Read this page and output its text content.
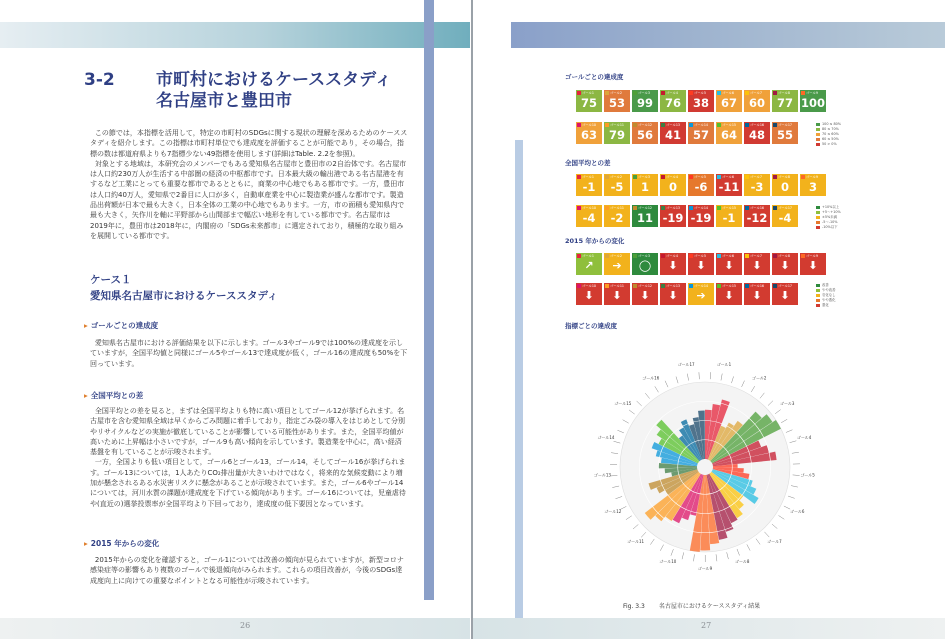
3-2 市町村におけるケーススタディ
名古屋市と豊田市

この節では，本指標を活用して，特定の市町村のSDGsに関する現状の理解を深めるためのケーススタディを紹介します。この指標は市町村単位でも達成度を評価することが可能であり，その場合，指標の数は都道府県よりも7指標少ない49指標を使用します(詳細はTable. 2.2を参照)。

対象とする地域は，本研究会のメンバーでもある愛知県名古屋市と豊田市の2自治体です。名古屋市は人口約230万人が生活する中部圏の経済の中枢都市です。日本最大級の輸出港である名古屋港を有するなど工業にとっても重要な都市であるとともに，商業の中心地でもある都市です。一方，豊田市は人口約40万人，愛知県で2番目に人口が多く，自動車産業を中心に製造業が盛んな都市です。製造品出荷額が日本で最も大きく，日本全体の工業の中心地でもあります。一方，市の面積も愛知県内で最も大きく，矢作川を軸に平野部から山間部まで幅広い地形を有している都市です。名古屋市は2019年に，豊田市は2018年に，内閣府の「SDGs未来都市」に選定されており，積極的な取り組みを展開している都市です。

ケース１
愛知県名古屋市におけるケーススタディ
▸ ゴールごとの達成度

愛知県名古屋市における評価結果を以下に示します。ゴール3やゴール9では100%の達成度を示していますが，全国平均値と同様にゴール5やゴール13で達成度が低く，ゴール16の達成度も50%を下回っています。

▸ 全国平均との差

全国平均との差を見ると，まずは全国平均よりも特に高い項目としてゴール12が挙げられます。名古屋市を含む愛知県全域は早くからごみ問題に着手しており，指定ごみ袋の導入をはじめとして分別やリサイクルなどの実施が徹底していることが影響している可能性があります。また，全国平均値が高いために上昇幅は小さいですが，ゴール9も高い傾向を示しています。製造業を中心に，高い経済基盤を有していることが示唆されます。

一方，全国よりも低い項目として，ゴール6とゴール13，ゴール14，そしてゴール16が挙げられます。ゴール13については，1人あたりCO₂排出量が大きいわけではなく，将来的な気候変動により増加が懸念されるある水災害リスクに懸念があることが示唆されています。また，ゴール6やゴール14については，河川水質の課題が達成度を下げている傾向があります。ゴール16については，児童虐待や(直近の)選挙投票率が全国平均より下回っており，達成度の低下要因となっています。

▸ 2015 年からの変化

2015年からの変化を確認すると，ゴール1については改善の傾向が見られていますが，新型コロナ感染症等の影響もあり複数のゴールで後退傾向がみられます。これらの項目改善が，今後のSDGs達成度向上に向けての重要なポイントとなる可能性が示唆されています。

26
ゴールごとの達成度
ゴール1
75
ゴール2
53
ゴール3
99
ゴール4
76
ゴール5
38
ゴール6
67
ゴール7
60
ゴール8
77
ゴール9
100
ゴール10
63
ゴール11
79
ゴール12
56
ゴール13
41
ゴール14
57
ゴール15
64
ゴール16
48
ゴール17
55
100 ≤ 80%
80 ≤ 70%
70 ≤ 60%
60 ≤ 50%
50 > 0%
全国平均との差
ゴール1
-1
ゴール2
-5
ゴール3
1
ゴール4
0
ゴール5
-6
ゴール6
-11
ゴール7
-3
ゴール8
0
ゴール9
3
ゴール10
-4
ゴール11
-2
ゴール12
11
ゴール13
-19
ゴール14
-19
ゴール15
-1
ゴール16
-12
ゴール17
-4
+10%以上
+5〜+10%
±5%未満
-5〜-10%
-10%以下
2015 年からの変化
ゴール1
↗
ゴール2
➔
ゴール3
◯
ゴール4
⬇
ゴール5
⬇
ゴール6
⬇
ゴール7
⬇
ゴール8
⬇
ゴール9
⬇
ゴール10
⬇
ゴール11
⬇
ゴール12
⬇
ゴール13
⬇
ゴール14
➔
ゴール15
⬇
ゴール16
⬇
ゴール17
⬇
改善
やや改善
変化なし
やや悪化
悪化
指標ごとの達成度
ゴール1
ゴール2
ゴール3
ゴール4
ゴール5
ゴール6
ゴール7
ゴール8
ゴール9
ゴール10
ゴール11
ゴール12
ゴール13
ゴール14
ゴール15
ゴール16
ゴール17
Fig. 3.3 名古屋市におけるケーススタディ結果
27
